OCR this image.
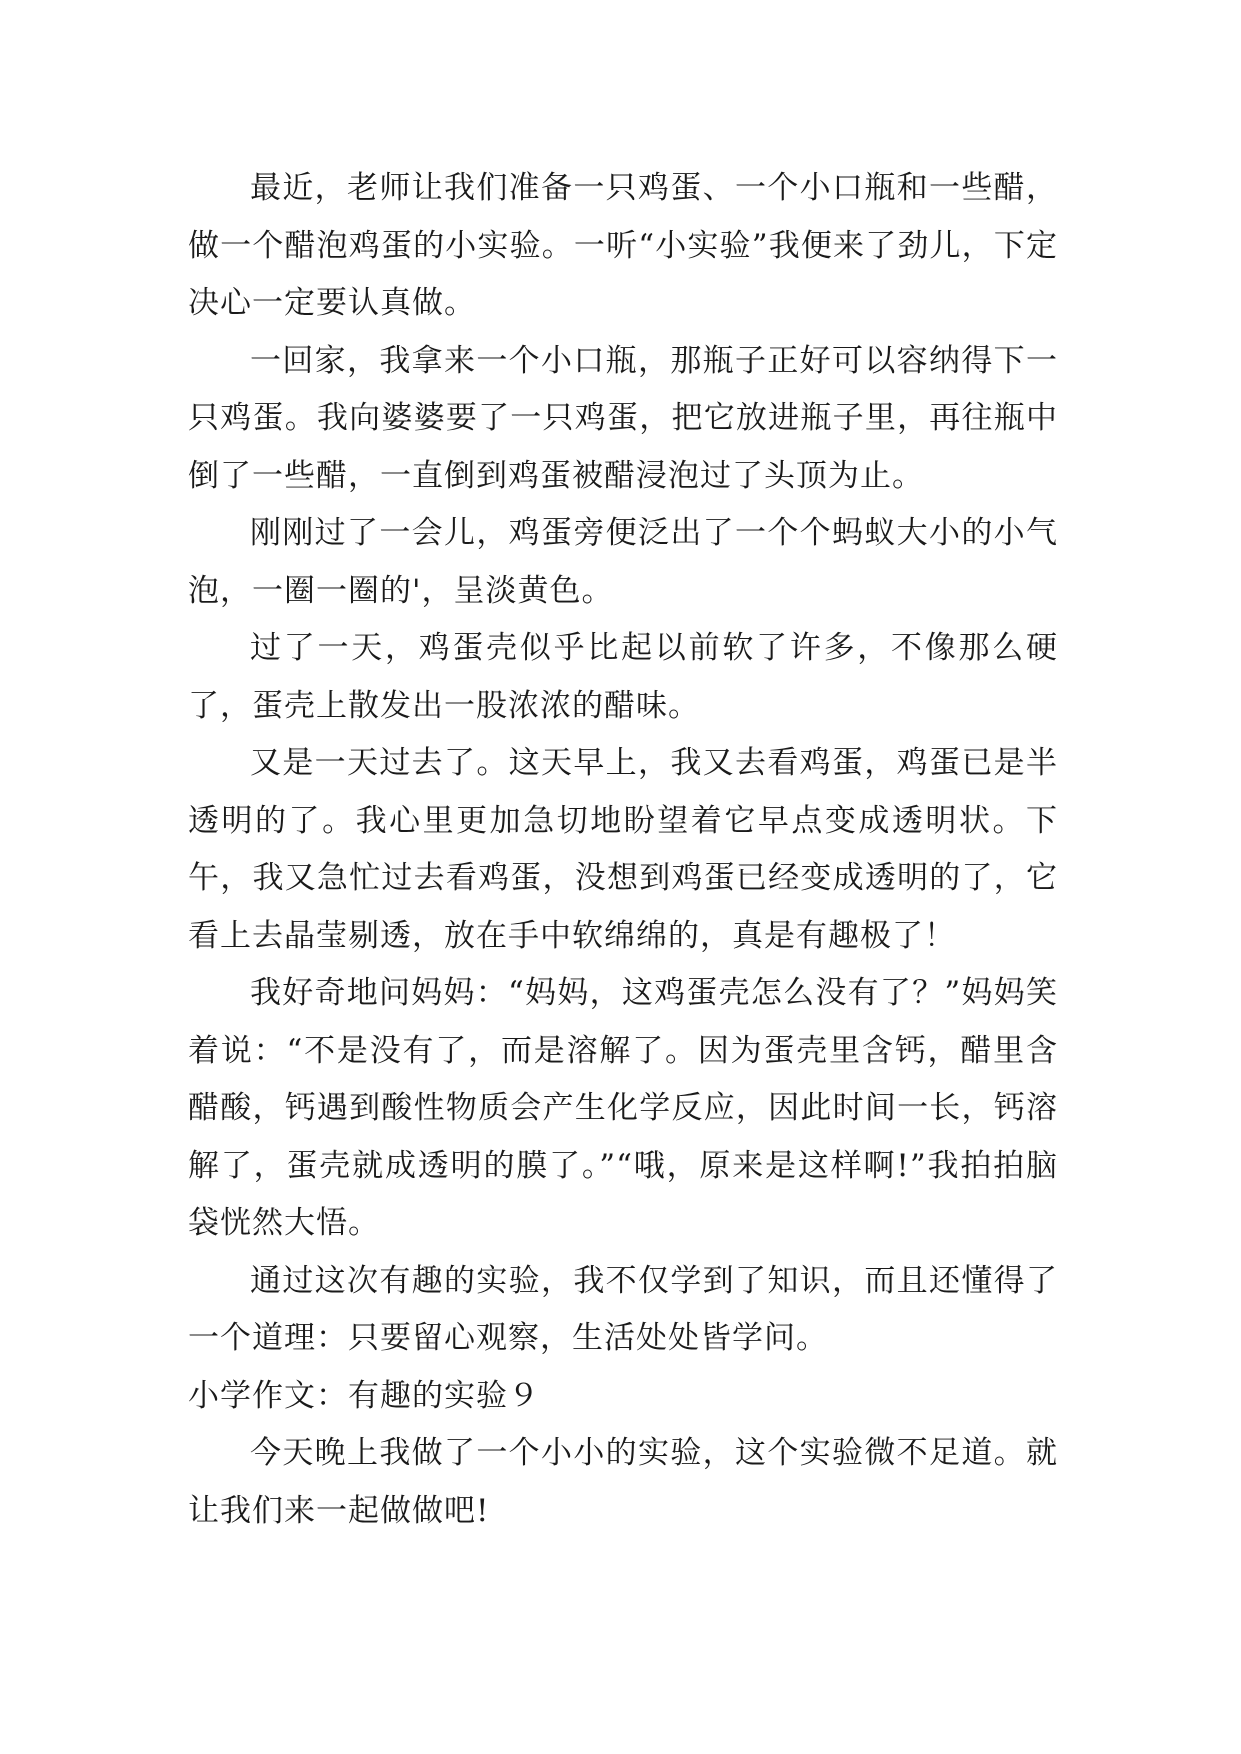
最近，老师让我们准备一只鸡蛋、一个小口瓶和一些醋，做一个醋泡鸡蛋的小实验。一听“小实验”我便来了劲儿，下定决心一定要认真做。

一回家，我拿来一个小口瓶，那瓶子正好可以容纳得下一只鸡蛋。我向婆婆要了一只鸡蛋，把它放进瓶子里，再往瓶中倒了一些醋，一直倒到鸡蛋被醋浸泡过了头顶为止。

刚刚过了一会儿，鸡蛋旁便泛出了一个个蚂蚁大小的小气泡，一圈一圈的'，呈淡黄色。

过了一天，鸡蛋壳似乎比起以前软了许多，不像那么硬了，蛋壳上散发出一股浓浓的醋味。

又是一天过去了。这天早上，我又去看鸡蛋，鸡蛋已是半透明的了。我心里更加急切地盼望着它早点变成透明状。下午，我又急忙过去看鸡蛋，没想到鸡蛋已经变成透明的了，它看上去晶莹剔透，放在手中软绵绵的，真是有趣极了！

我好奇地问妈妈：“妈妈，这鸡蛋壳怎么没有了？”妈妈笑着说：“不是没有了，而是溶解了。因为蛋壳里含钙，醋里含醋酸，钙遇到酸性物质会产生化学反应，因此时间一长，钙溶解了，蛋壳就成透明的膜了。”“哦，原来是这样啊!”我拍拍脑袋恍然大悟。

通过这次有趣的实验，我不仅学到了知识，而且还懂得了一个道理：只要留心观察，生活处处皆学问。

小学作文：有趣的实验９

今天晚上我做了一个小小的实验，这个实验微不足道。就让我们来一起做做吧!
